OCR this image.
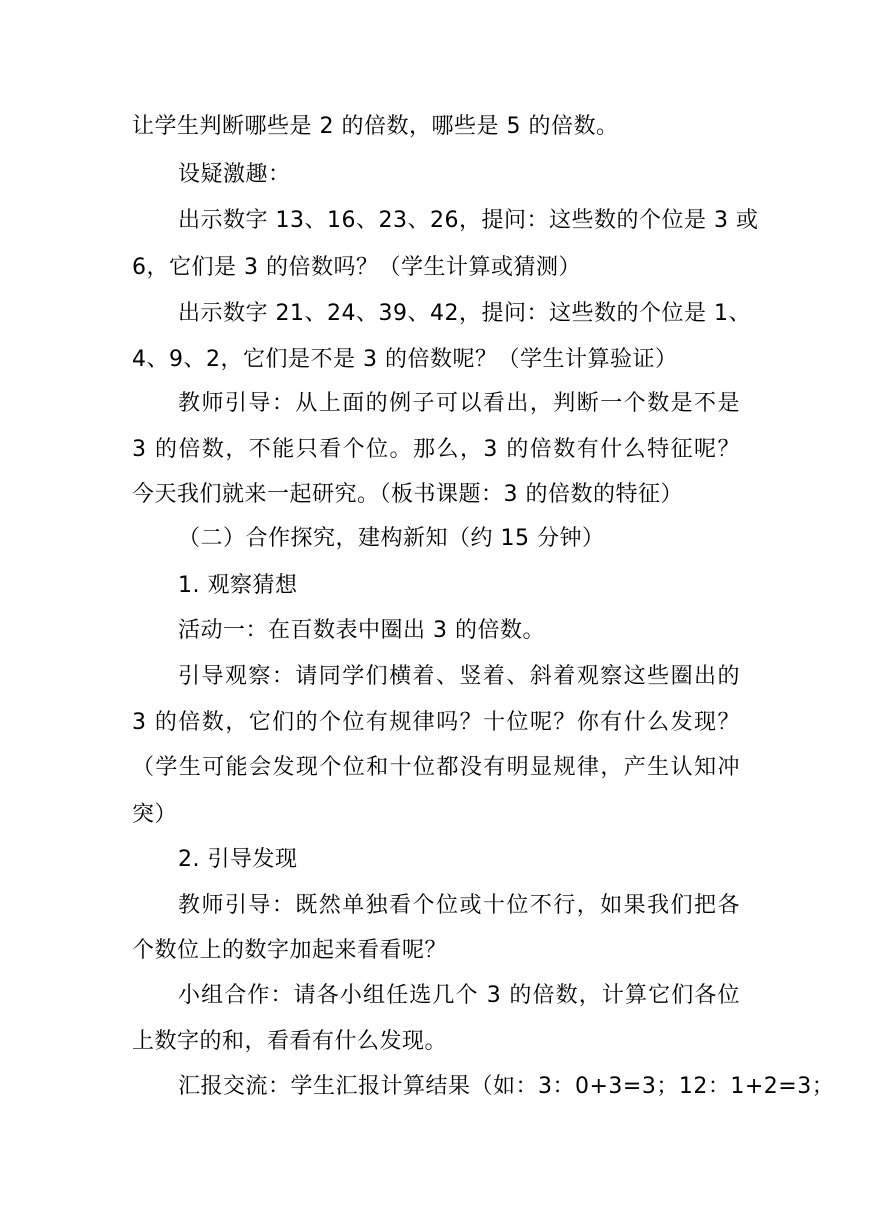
让学生判断哪些是 2 的倍数，哪些是 5 的倍数。
设疑激趣：
出示数字 13、16、23、26，提问：这些数的个位是 3 或
6，它们是 3 的倍数吗？（学生计算或猜测）
出示数字 21、24、39、42，提问：这些数的个位是 1、
4、9、2，它们是不是 3 的倍数呢？（学生计算验证）
教师引导：从上面的例子可以看出，判断一个数是不是
3 的倍数，不能只看个位。那么，3 的倍数有什么特征呢？
今天我们就来一起研究。（板书课题：3 的倍数的特征）
（二）合作探究，建构新知（约 15 分钟）
1. 观察猜想
活动一：在百数表中圈出 3 的倍数。
引导观察：请同学们横着、竖着、斜着观察这些圈出的
3 的倍数，它们的个位有规律吗？十位呢？你有什么发现？
（学生可能会发现个位和十位都没有明显规律，产生认知冲
突）
2. 引导发现
教师引导：既然单独看个位或十位不行，如果我们把各
个数位上的数字加起来看看呢？
小组合作：请各小组任选几个 3 的倍数，计算它们各位
上数字的和，看看有什么发现。
汇报交流：学生汇报计算结果（如：3：0+3=3；12：1+2=3；
